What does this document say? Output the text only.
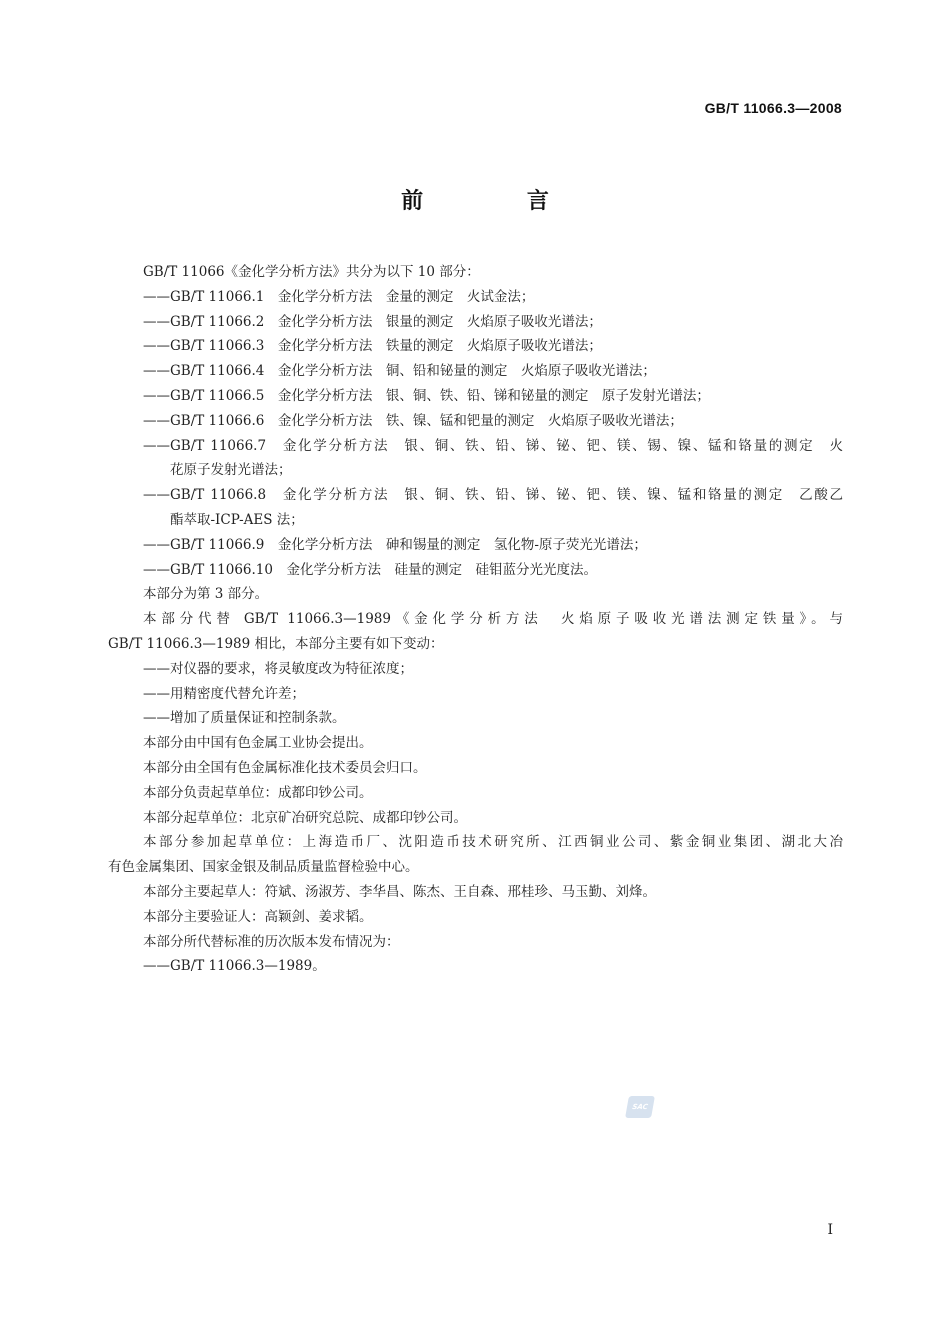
GB/T 11066.3—2008
前 言

GB/T 11066《金化学分析方法》共分为以下 10 部分：

—— GB/T 11066.1　金化学分析方法　金量的测定　火试金法；
—— GB/T 11066.2　金化学分析方法　银量的测定　火焰原子吸收光谱法；
—— GB/T 11066.3　金化学分析方法　铁量的测定　火焰原子吸收光谱法；
—— GB/T 11066.4　金化学分析方法　铜、铅和铋量的测定　火焰原子吸收光谱法；
—— GB/T 11066.5　金化学分析方法　银、铜、铁、铅、锑和铋量的测定　原子发射光谱法；
—— GB/T 11066.6　金化学分析方法　铁、镍、锰和钯量的测定　火焰原子吸收光谱法；
—— GB/T 11066.7　金化学分析方法　银、铜、铁、铅、锑、铋、钯、镁、锡、镍、锰和铬量的测定　火
花原子发射光谱法；
—— GB/T 11066.8　金化学分析方法　银、铜、铁、铅、锑、铋、钯、镁、镍、锰和铬量的测定　乙酸乙
酯萃取-ICP-AES 法；
—— GB/T 11066.9　金化学分析方法　砷和锡量的测定　氢化物-原子荧光光谱法；
—— GB/T 11066.10　金化学分析方法　硅量的测定　硅钼蓝分光光度法。

本部分为第 3 部分。

本部分代替 GB/T 11066.3—1989《金化学分析方法　火焰原子吸收光谱法测定铁量》。与

GB/T 11066.3—1989 相比，本部分主要有如下变动：

—— 对仪器的要求，将灵敏度改为特征浓度；
—— 用精密度代替允许差；
—— 增加了质量保证和控制条款。

本部分由中国有色金属工业协会提出。

本部分由全国有色金属标准化技术委员会归口。

本部分负责起草单位：成都印钞公司。

本部分起草单位：北京矿冶研究总院、成都印钞公司。

本部分参加起草单位：上海造币厂、沈阳造币技术研究所、江西铜业公司、紫金铜业集团、湖北大冶

有色金属集团、国家金银及制品质量监督检验中心。

本部分主要起草人：符斌、汤淑芳、李华昌、陈杰、王自森、邢桂珍、马玉勤、刘烽。

本部分主要验证人：高颖剑、姜求韬。

本部分所代替标准的历次版本发布情况为：

—— GB/T 11066.3—1989。
SAC
I
